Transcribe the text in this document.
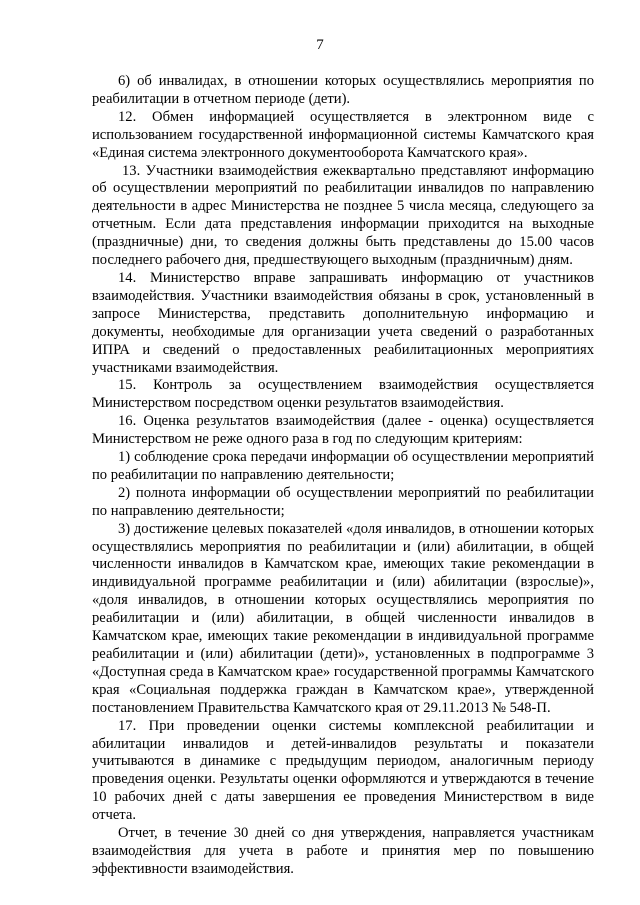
7

6) об инвалидах, в отношении которых осуществлялись мероприятия по реабилитации в отчетном периоде (дети).

12. Обмен информацией осуществляется в электронном виде с использованием государственной информационной системы Камчатского края «Единая система электронного документооборота Камчатского края».

13. Участники взаимодействия ежеквартально представляют информацию об осуществлении мероприятий по реабилитации инвалидов по направлению деятельности в адрес Министерства не позднее 5 числа месяца, следующего за отчетным. Если дата представления информации приходится на выходные (праздничные) дни, то сведения должны быть представлены до 15.00 часов последнего рабочего дня, предшествующего выходным (праздничным) дням.

14. Министерство вправе запрашивать информацию от участников взаимодействия. Участники взаимодействия обязаны в срок, установленный в запросе Министерства, представить дополнительную информацию и документы, необходимые для организации учета сведений о разработанных ИПРА и сведений о предоставленных реабилитационных мероприятиях участниками взаимодействия.

15. Контроль за осуществлением взаимодействия осуществляется Министерством посредством оценки результатов взаимодействия.

16. Оценка результатов взаимодействия (далее - оценка) осуществляется Министерством не реже одного раза в год по следующим критериям:

1) соблюдение срока передачи информации об осуществлении мероприятий по реабилитации по направлению деятельности;

2) полнота информации об осуществлении мероприятий по реабилитации по направлению деятельности;

3) достижение целевых показателей «доля инвалидов, в отношении которых осуществлялись мероприятия по реабилитации и (или) абилитации, в общей численности инвалидов в Камчатском крае, имеющих такие рекомендации в индивидуальной программе реабилитации и (или) абилитации (взрослые)», «доля инвалидов, в отношении которых осуществлялись мероприятия по реабилитации и (или) абилитации, в общей численности инвалидов в Камчатском крае, имеющих такие рекомендации в индивидуальной программе реабилитации и (или) абилитации (дети)», установленных в подпрограмме 3 «Доступная среда в Камчатском крае» государственной программы Камчатского края «Социальная поддержка граждан в Камчатском крае», утвержденной постановлением Правительства Камчатского края от 29.11.2013 № 548-П.

17. При проведении оценки системы комплексной реабилитации и абилитации инвалидов и детей-инвалидов результаты и показатели учитываются в динамике с предыдущим периодом, аналогичным периоду проведения оценки. Результаты оценки оформляются и утверждаются в течение 10 рабочих дней с даты завершения ее проведения Министерством в виде отчета.

Отчет, в течение 30 дней со дня утверждения, направляется участникам взаимодействия для учета в работе и принятия мер по повышению эффективности взаимодействия.
